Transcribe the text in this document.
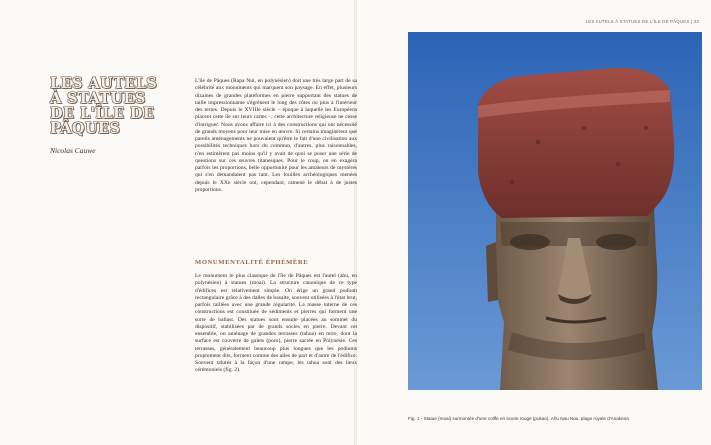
LES AUTELS À STATUES DE L'ÎLE DE PÂQUES | 33
LES AUTELS À STATUES DE L'ÎLE DE PÂQUES
Nicolas Cauwe

L'île de Pâques (Rapa Nui, en polynésien) doit une très large part de sa célébrité aux monuments qui marquent son paysage. En effet, plusieurs dizaines de grandes plateformes en pierre supportant des statues de taille impressionnante s'égrènent le long des côtes ou plus à l'intérieur des terres. Depuis le XVIIIe siècle – époque à laquelle les Européens placent cette île sur leurs cartes –, cette architecture religieuse ne cesse d'intriguer. Nous avons affaire ici à des constructions qui ont nécessité de grands moyens pour leur mise en œuvre. Si certains imaginèrent que pareils aménagements ne pouvaient qu'être le fait d'une civilisation aux possibilités techniques hors du commun, d'autres, plus raisonnables, n'en estimèrent pas moins qu'il y avait de quoi se poser une série de questions sur ces œuvres titanesques. Pour le coup, on en exagéra parfois les proportions, belle opportunité pour les amateurs de mystères qui s'en demandaient pas tant. Les fouilles archéologiques menées depuis le XXe siècle ont, cependant, ramené le débat à de justes proportions.

MONUMENTALITÉ ÉPHÉMÈRE

Le monument le plus classique de l'île de Pâques est l'autel (ahu, en polynésien) à statues (moai). La structure canonique de ce type d'édifices est relativement simple. On érige un grand podium rectangulaire grâce à des dalles de basalte, souvent utilisées à l'état brut, parfois taillées avec une grande régularité. La masse interne de ces constructions est constituée de sédiments et pierres qui forment une sorte de ballast. Des statues sont ensuite placées au sommet du dispositif, stabilisées par de grands socles en pierre. Devant cet ensemble, on aménage de grandes terrasses (tahua) en terre, dont la surface est couverte de galets (poro), pierre sacrée en Polynésie. Ces terrasses, généralement beaucoup plus longues que les podiums proprement dits, forment comme des ailes de part et d'autre de l'édifice. Souvent talutés à la façon d'une rampe, les tahua sont des lieux cérémoniels (fig. 2).

Fig. 1 - Statue (moai) surmontée d'une coiffe en scorie rouge (pukao). Ahu Nau Nau, plage royale d'Anakena
